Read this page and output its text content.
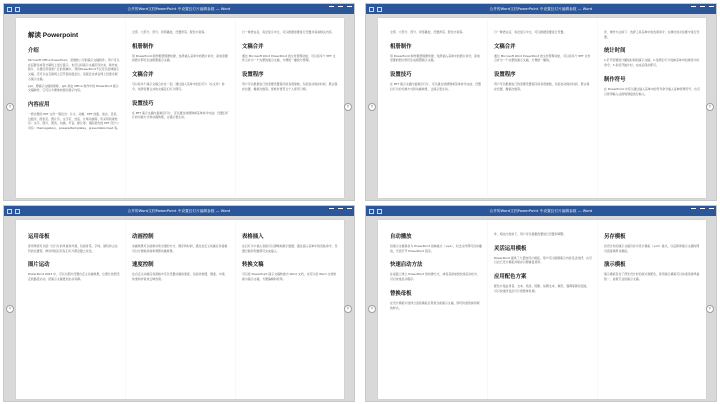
合并的Word文档PowerPoint 中设置幻灯片编辑参数 — Word
解读 Powerpoint
介绍
Microsoft Office PowerPoint，是微软公司的演示文稿软件。用户可以在投影仪或者计算机上进行演示，也可以将演示文稿打印出来，制作成胶片，以便应用到更广泛的领域中。利用PowerPoint不仅可以创建演示文稿，还可以在互联网上召开面对面会议、远程会议或在网上给观众展示演示文稿。
ppt，即演示文稿的简称，ppt 是由 Office 软件中的 PowerPoint 演示文稿制作，它可以方便地向观众展示内容。
内容应用
一套完整的 PPT 文件一般包含：片头、动画、PPT 封面、前言、目录、过渡页、图表页、图片页、文字页、封底、片尾动画等；所采用的素材有：文字、图片、图表、动画、声音、影片等；国际领先的 PPT 设计公司有：themegallery、poweredtemplates、presentationload 等。
全部、大部分、部分、局部播放，设置背景、配色方案等。
相册制作
用 PowerPoint 制作相册简便快捷，选择插入菜单中的图片命令，添加需要的图片即可生成相册演示文稿。
文稿合并
可以将多个演示文稿合并在一起，通过插入菜单中的幻灯片（从文件）命令，选择需要合并的文稿及幻灯片即可。
设置技巧
在 PPT 演示文稿内复制幻灯片，可以通过快捷键或菜单命令完成；设置幻灯片的切换方式和动画效果，让演示更生动。
行一种语言后，将会显示中文，可以根据需要进行设置并查看相关内容。
文稿合并
通过 Microsoft Word PowerPoint 的文件管理功能，可以将多个 PPT 文件合并为一个完整的演示文稿，方便统一播放与管理。
设置程序
用户可以根据自己的需要设置程序的各项参数，包括自动保存时间、默认保存位置、撤销次数等，使软件更符合个人使用习惯。
‹	›
合并的Word文档PowerPoint 中设置幻灯片编辑参数 — Word
全部、大部分、部分、局部播放，设置背景、配色方案等。
相册制作
用 PowerPoint 制作相册简便快捷，选择插入菜单中的图片命令，添加需要的图片即可生成相册演示文稿。
设置技巧
在 PPT 演示文稿内复制幻灯片，可以通过快捷键或菜单命令完成；设置幻灯片的切换方式和动画效果，让演示更生动。
行一种语言后，将会显示中文，可以根据需要进行设置。
文稿合并
通过 Microsoft Word PowerPoint 的文件管理功能，可以将多个 PPT 文件合并为一个完整的演示文稿，方便统一播放。
设置程序
用户可以根据自己的需要设置程序的各项参数，包括自动保存时间、默认保存位置、撤销次数等。
件，操作方法如下：选择工具菜单中的选项命令，在弹出的对话框中进行设置。
统计时间
1.打开需要统计播放时间的演示文稿；2.选择幻灯片放映菜单中的排练计时命令；3.系统开始计时，完成后保存即可。
制作符号
在 PowerPoint 中可以通过插入菜单中的符号命令插入各种特殊符号，也可以使用输入法的软键盘进行输入。
‹	›
合并的Word文档PowerPoint 中设置幻灯片编辑参数 — Word
运用母板
使用母版可以统一幻灯片的风格和外观，包括背景、字体、颜色和占位符的位置等，修改母版后所有幻灯片都会随之改变。
图片运动
PowerPoint 2003 中，可以为图片设置自定义动画效果，让图片按照设定的路径运动，使演示文稿更加生动有趣。
动画控制
动画效果可以控制对象出现的方式、顺序和时间，通过自定义动画任务窗格可以方便地添加和调整动画效果。
速度控制
在自定义动画任务窗格中可以设置动画的速度，包括非常慢、慢速、中速、快速和非常快五种选项。
表格插入
在幻灯片中插入表格可以清晰地展示数据，通过插入菜单中的表格命令，设置行数和列数即可完成插入。
转换文稿
可以将 PowerPoint 演示文稿转换为 Word 文档，也可以将 Word 文档转换为演示文稿，方便编辑和使用。
‹	›
合并的Word文档PowerPoint 中设置幻灯片编辑参数 — Word
自动播放
将演示文稿保存为 PowerPoint 放映格式（.pps），双击文件即可自动播放，无需打开 PowerPoint 程序。
快速启动方法
在桌面上建立 PowerPoint 的快捷方式，或将其添加到快速启动栏中，可以快速启动程序。
替换母板
在设计模板中选择合适的模板应用到当前演示文稿，即可快速替换母版的样式。
件，相关内容如下，用户可以根据需要进行设置和调整。
灵活运用模板
PowerPoint 提供了大量的设计模板，用户可以根据演示内容灵活选择，也可以自己设计模板并保存以便重复使用。
应用配色方案
配色方案由背景、文本、线条、阴影、标题文本、填充、强调等颜色组成，可以快速改变幻灯片的整体色调。
另存模板
将设计好的演示文稿另存为设计模板（.pot）格式，以后新建演示文稿时即可直接调用该模板。
演示模板
演示模板包含了预先设计好的版式和配色，使用演示模板可以快速创建风格统一、美观专业的演示文稿。
‹	›
